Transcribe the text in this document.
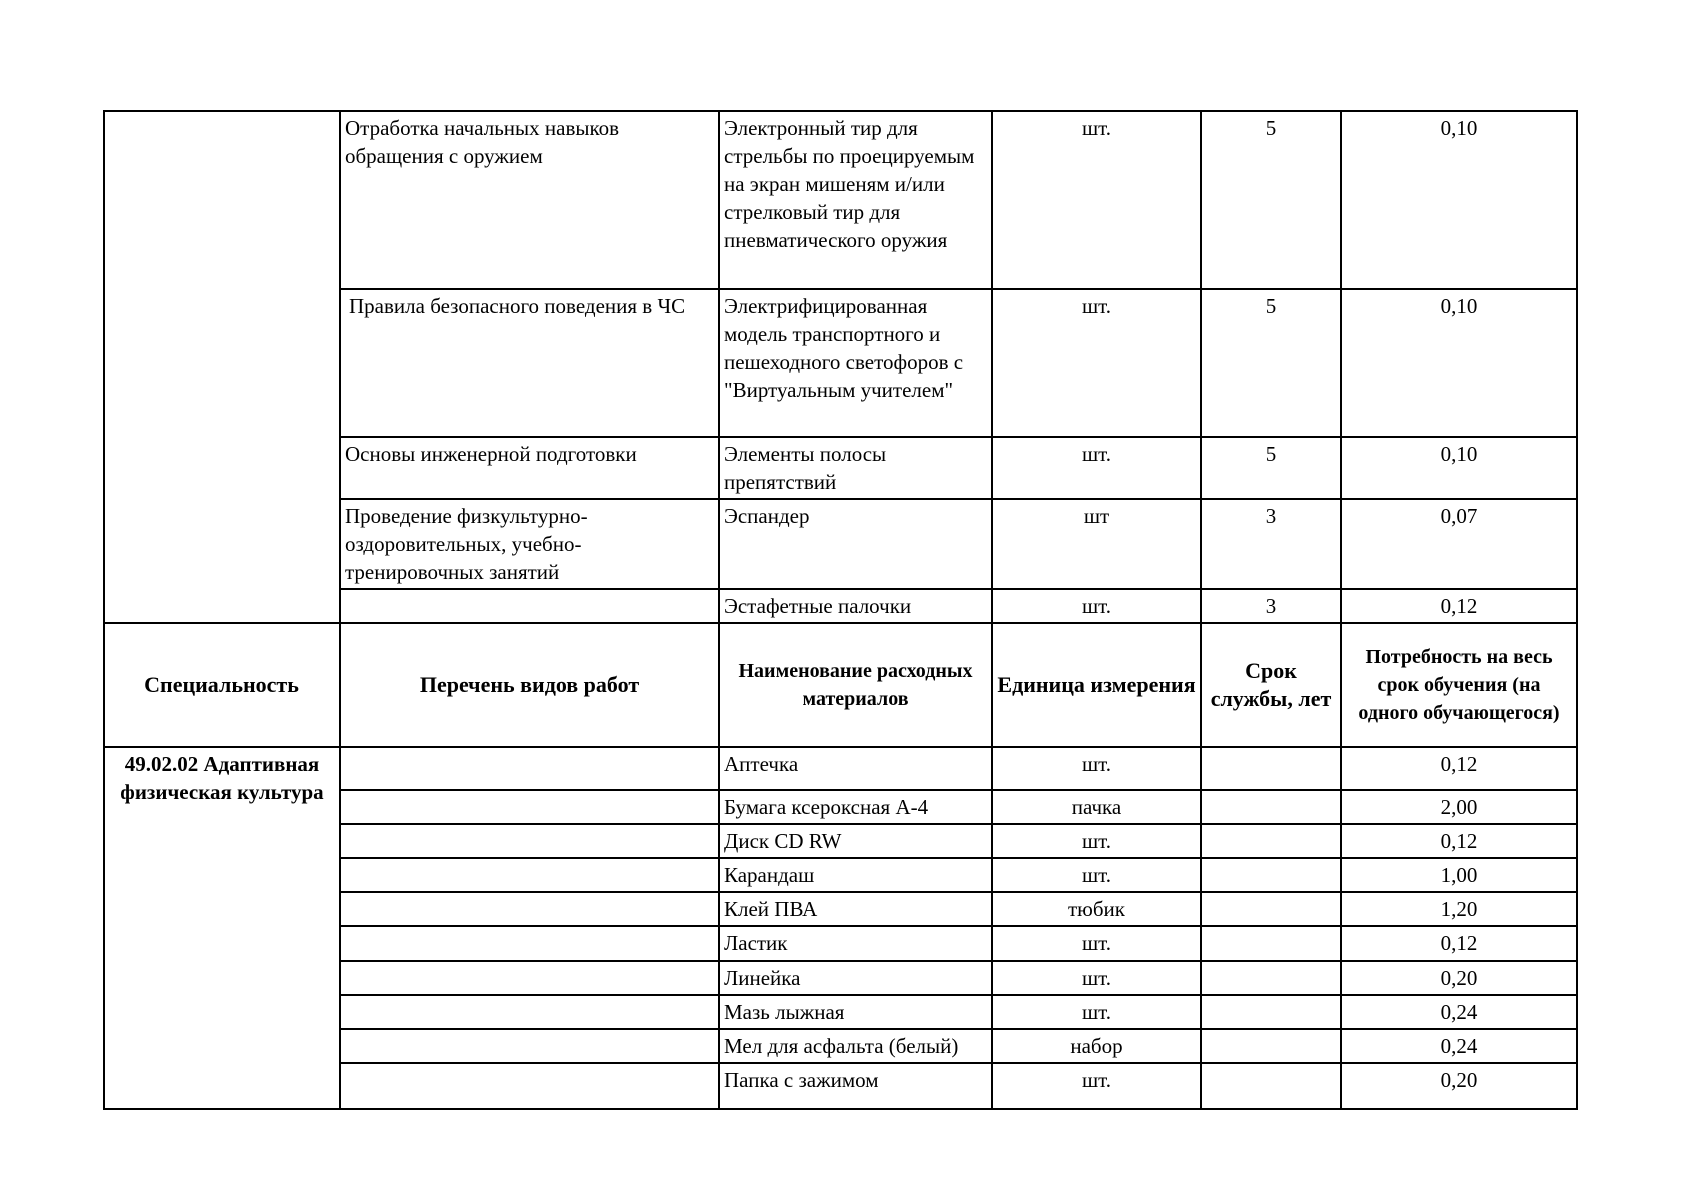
	Отработка начальных навыков обращения с оружием	Электронный тир для стрельбы по проецируемым на экран мишеням и/или стрелковый тир для пневматического оружия	шт.	5	0,10
	Правила безопасного поведения в ЧС	Электрифицированная модель транспортного и пешеходного светофоров с "Виртуальным учителем"	шт.	5	0,10
	Основы инженерной подготовки	Элементы полосы препятствий	шт.	5	0,10
	Проведение физкультурно-оздоровительных, учебно-тренировочных занятий	Эспандер	шт	3	0,07
		Эстафетные палочки	шт.	3	0,12
Специальность	Перечень видов работ	Наименование расходных материалов	Единица измерения	Срок службы, лет	Потребность на весь срок обучения (на одного обучающегося)
49.02.02 Адаптивная физическая культура		Аптечка	шт.		0,12
		Бумага ксероксная А-4	пачка		2,00
		Диск CD RW	шт.		0,12
		Карандаш	шт.		1,00
		Клей ПВА	тюбик		1,20
		Ластик	шт.		0,12
		Линейка	шт.		0,20
		Мазь лыжная	шт.		0,24
		Мел для асфальта (белый)	набор		0,24
		Папка с зажимом	шт.		0,20
